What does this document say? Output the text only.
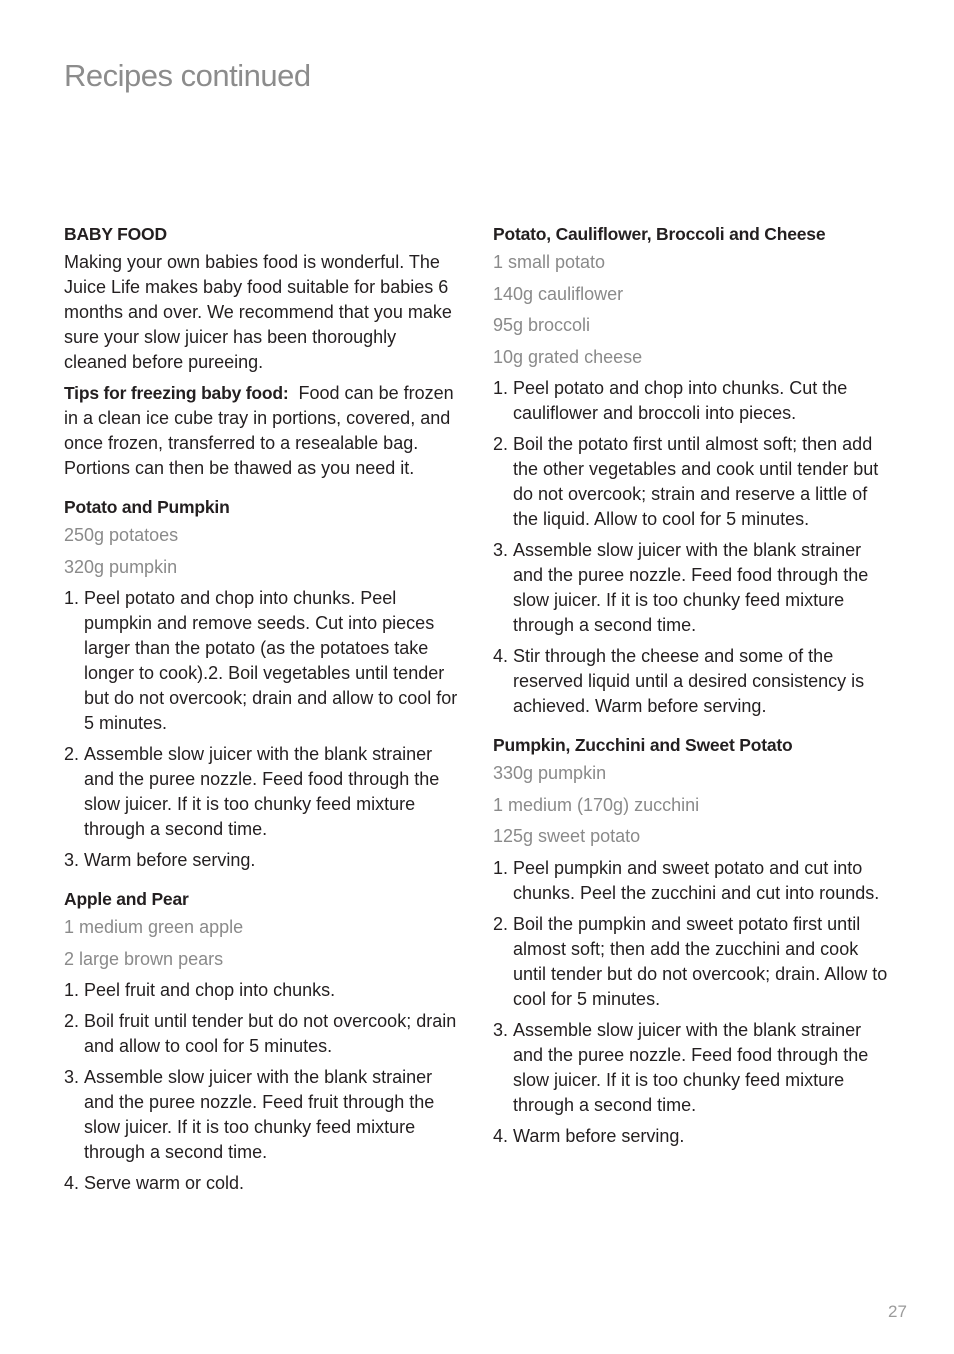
Recipes continued

BABY FOOD

Making your own babies food is wonderful. The Juice Life makes baby food suitable for babies 6 months and over. We recommend that you make sure your slow juicer has been thoroughly cleaned before pureeing.

Tips for freezing baby food: Food can be frozen in a clean ice cube tray in portions, covered, and once frozen, transferred to a resealable bag. Portions can then be thawed as you need it.

Potato and Pumpkin

250g potatoes
320g pumpkin
1. Peel potato and chop into chunks. Peel pumpkin and remove seeds. Cut into pieces larger than the potato (as the potatoes take longer to cook).2. Boil vegetables until tender but do not overcook; drain and allow to cool for 5 minutes.
2. Assemble slow juicer with the blank strainer and the puree nozzle. Feed food through the slow juicer. If it is too chunky feed mixture through a second time.
3. Warm before serving.

Apple and Pear

1 medium green apple
2 large brown pears
1. Peel fruit and chop into chunks.
2. Boil fruit until tender but do not overcook; drain and allow to cool for 5 minutes.
3. Assemble slow juicer with the blank strainer and the puree nozzle. Feed fruit through the slow juicer. If it is too chunky feed mixture through a second time.
4. Serve warm or cold.

Potato, Cauliflower, Broccoli and Cheese

1 small potato
140g cauliflower
95g broccoli
10g grated cheese
1. Peel potato and chop into chunks. Cut the cauliflower and broccoli into pieces.
2. Boil the potato first until almost soft; then add the other vegetables and cook until tender but do not overcook; strain and reserve a little of the liquid. Allow to cool for 5 minutes.
3. Assemble slow juicer with the blank strainer and the puree nozzle. Feed food through the slow juicer. If it is too chunky feed mixture through a second time.
4. Stir through the cheese and some of the reserved liquid until a desired consistency is achieved. Warm before serving.

Pumpkin, Zucchini and Sweet Potato

330g pumpkin
1 medium (170g) zucchini
125g sweet potato
1. Peel pumpkin and sweet potato and cut into chunks. Peel the zucchini and cut into rounds.
2. Boil the pumpkin and sweet potato first until almost soft; then add the zucchini and cook until tender but do not overcook; drain. Allow to cool for 5 minutes.
3. Assemble slow juicer with the blank strainer and the puree nozzle. Feed food through the slow juicer. If it is too chunky feed mixture through a second time.
4. Warm before serving.
27
